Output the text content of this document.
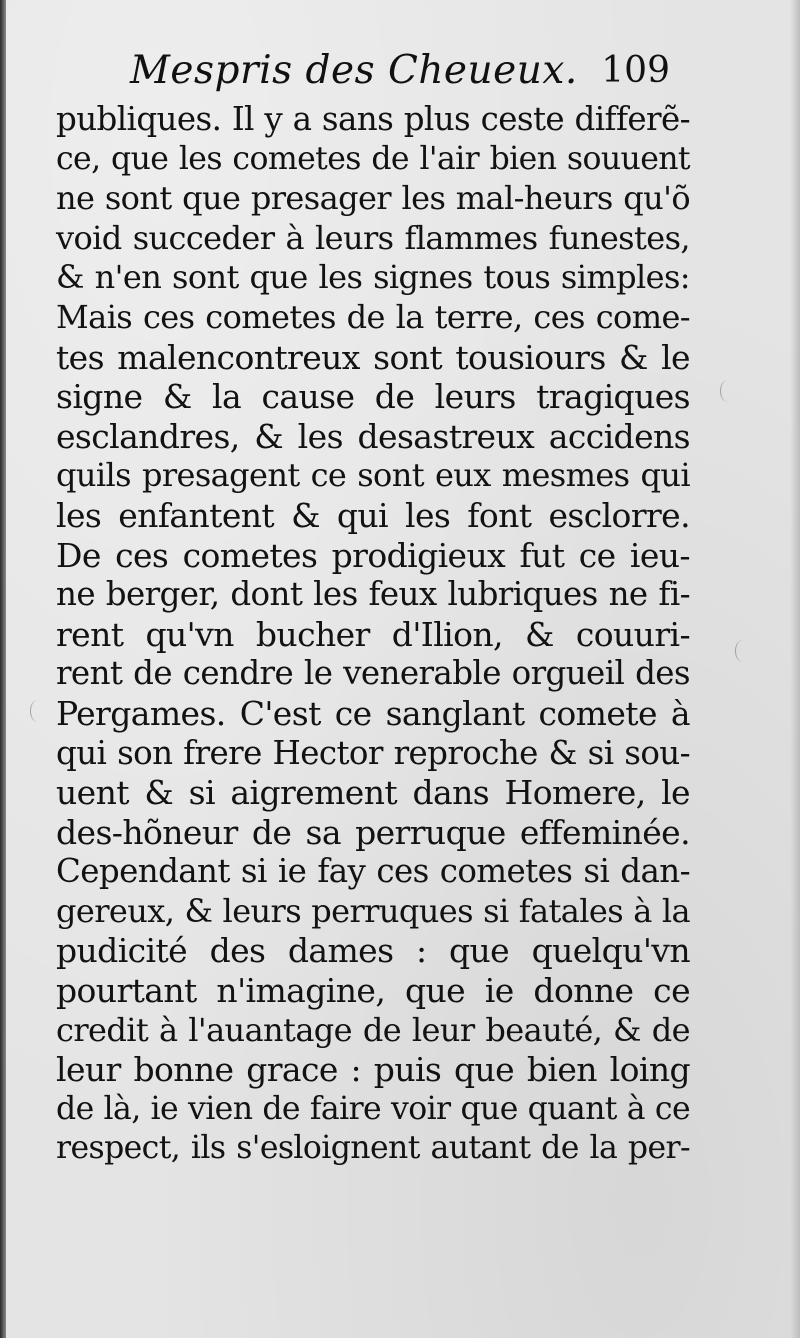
Mespris des Cheueux. 109
publiques. Il y a sans plus ceste differẽ-
ce, que les cometes de l'air bien souuent
ne sont que presager les mal-heurs qu'õ
void succeder à leurs flammes funestes,
& n'en sont que les signes tous simples:
Mais ces cometes de la terre, ces come-
tes malencontreux sont tousiours & le
signe & la cause de leurs tragiques
esclandres, & les desastreux accidens
quils presagent ce sont eux mesmes qui
les enfantent & qui les font esclorre.
De ces cometes prodigieux fut ce ieu-
ne berger, dont les feux lubriques ne fi-
rent qu'vn bucher d'Ilion, & couuri-
rent de cendre le venerable orgueil des
Pergames. C'est ce sanglant comete à
qui son frere Hector reproche & si sou-
uent & si aigrement dans Homere, le
des-hõneur de sa perruque effeminée.
Cependant si ie fay ces cometes si dan-
gereux, & leurs perruques si fatales à la
pudicité des dames : que quelqu'vn
pourtant n'imagine, que ie donne ce
credit à l'auantage de leur beauté, & de
leur bonne grace : puis que bien loing
de là, ie vien de faire voir que quant à ce
respect, ils s'esloignent autant de la per-
